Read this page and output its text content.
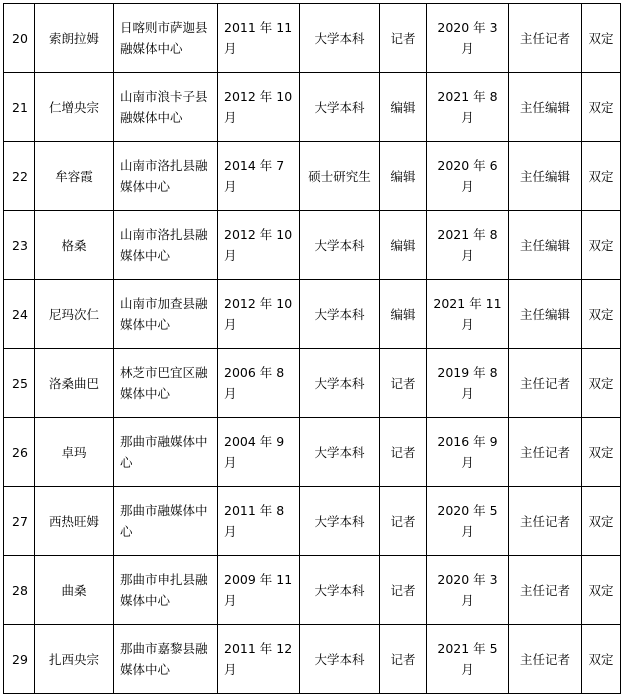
20	索朗拉姆	日喀则市萨迦县融媒体中心	2011 年 11 月	大学本科	记者	2020 年 3 月	主任记者	双定
21	仁增央宗	山南市浪卡子县融媒体中心	2012 年 10 月	大学本科	编辑	2021 年 8 月	主任编辑	双定
22	牟容霞	山南市洛扎县融媒体中心	2014 年 7 月	硕士研究生	编辑	2020 年 6 月	主任编辑	双定
23	格桑	山南市洛扎县融媒体中心	2012 年 10 月	大学本科	编辑	2021 年 8 月	主任编辑	双定
24	尼玛次仁	山南市加查县融媒体中心	2012 年 10 月	大学本科	编辑	2021 年 11 月	主任编辑	双定
25	洛桑曲巴	林芝市巴宜区融媒体中心	2006 年 8 月	大学本科	记者	2019 年 8 月	主任记者	双定
26	卓玛	那曲市融媒体中心	2004 年 9 月	大学本科	记者	2016 年 9 月	主任记者	双定
27	西热旺姆	那曲市融媒体中心	2011 年 8 月	大学本科	记者	2020 年 5 月	主任记者	双定
28	曲桑	那曲市申扎县融媒体中心	2009 年 11 月	大学本科	记者	2020 年 3 月	主任记者	双定
29	扎西央宗	那曲市嘉黎县融媒体中心	2011 年 12 月	大学本科	记者	2021 年 5 月	主任记者	双定
